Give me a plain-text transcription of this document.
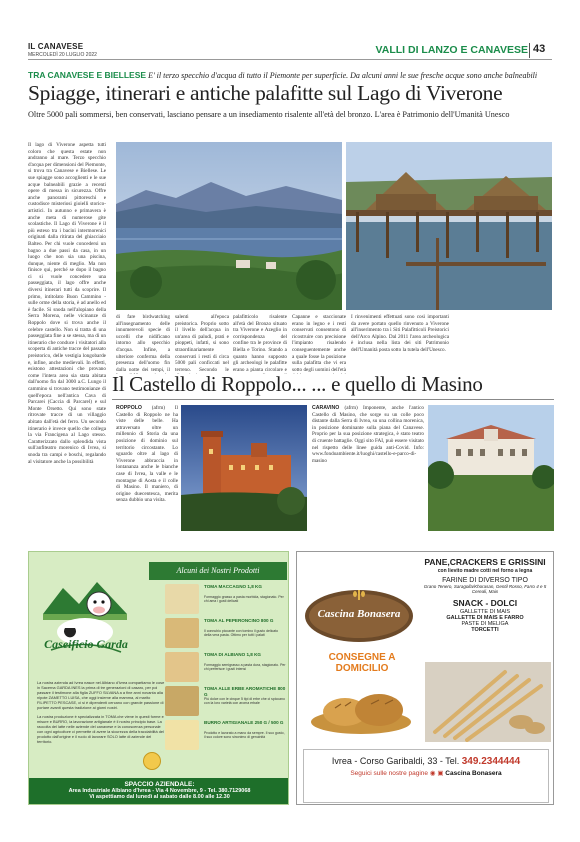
IL CANAVESE
MERCOLEDÌ 20 LUGLIO 2022	VALLI DI LANZO E CANAVESE 43
TRA CANAVESE E BIELLESE E' il terzo specchio d'acqua di tutto il Piemonte per superficie. Da alcuni anni le sue fresche acque sono anche balneabili
Spiagge, itinerari e antiche palafitte sul Lago di Viverone
Oltre 5000 pali sommersi, ben conservati, lasciano pensare a un insediamento risalente all'età del bronzo. L'area è Patrimonio dell'Umanità Unesco
Il lago di Viverone aspetta tutti coloro che questa estate non andranno al mare. Terzo specchio d'acqua per dimensioni del Piemonte, si trova tra Canavese e Biellese. Le sue spiagge sono accoglienti e le sue acque balneabili grazie a recenti opere di messa in sicurezza. Offre anche panorami pittoreschi e custodisce misteriosi gioielli storico-artistici. In autunno e primavera è anche meta di numerose gite scolastiche. Il Lago di Viverone è il più esteso tra i bacini intermorenici originati dalla ritirata del ghiacciaio Balteo. Per chi vuole concedersi un bagno a due passi da casa, in un luogo che non sia una piscina, dunque, niente di meglio. Ma non finisce qui, perché se dopo il bagno ci si vuole concedere una passeggiata, il lago offre anche diversi itinerari tutti da scoprire. Il primo, intitolato Buon Cammino - sulle orme della storia, è ad anello ed è facile. Si snoda nell'alopiano della Serra Morena, nelle vicinanze di Roppolo dove si trova anche il celebre castello. Non si tratta di una passeggiata fine a se stessa, ma di un itinerario che conduce i visitatori alla scoperta di antiche tracce del passato preistorico, delle vestigia longobarde e, infine, anche medievali. In effetti, esistono attestazioni che provano come l'intera area sia stata abitata dall'uomo fin dal 3000 a.C. Lungo il cammino si trovano testimonianze di quell'epoca nell'antica Cava di Parcarei (Caccia di Parcarel) e sul Monte Orsetto. Qui sono state ritrovate tracce di un villaggio abitato dall'età del ferro. Un secondo itinerario è invece quello che collega la via Francigena al Lago stesso. Caratterizzato dallo splendida vista sull'anfiteatro morenico di Ivrea, si snoda tra campi e boschi, regalando al visitatore anche la possibilità
di fare birdwatching all'insegnamento delle innumerevoli specie di uccelli che nidificano intorno allo specchio d'acqua. Infine, a ulteriore conferma della presenza dell'uomo fin dalla notte dei tempi, il
salenti all'epoca preistorica. Proprio sotto il livello dell'acqua in un'area di paludi, prati e pioppeti, infatti, si sono straordinariamente conservati i resti di circa 5000 pali conficcati nel terreno. Secondo le
palafitticolo risalente all'età del Bronzo situato tra Viverone e Azeglio in corrispondenza del confine tra le province di Biella e Torino. Stando a quanto hanno supposto gli archeologi le palafitte erano a pianta circolare e
Capanne e staccionate erano in legno e i resti conservati consentono di ricostruire con precisione l'impianto risalendo conseguentemente anche a quale fosse la posizione sulla palafitta che vi era sotto degli uomini dell'età
I rinvenimenti effettuati sono così importanti da avere portato quello rinvenuto a Viverone all'inserimento tra i Siti Palafitticoli Preistorici dell'Arco Alpino. Dal 2011 l'area archeologica è inclusa nella lista dei siti Patrimonio dell'Umanità posta sotto la tutela dell'Unesco.
Il Castello di Roppolo... ... e quello di Masino
ROPPOLO (afrm) Il Castello di Roppolo ne ha viste delle belle. Ha attraversato oltre un millennio di Storia da una posizione di dominio sul territorio circostante. Lo sguardo oltre al lago di Viverone abbraccia in lontananza anche le bianche case di Ivrea, la valle e le montagne di Aosta e il colle di Masino. Il maniero, di origine duecentesca, merita senza dubbio una visita.
CARAVINO (afrm) Imponente, anche l'antico Castello di Masino, che sorge su un colle poco distante dalla Serra di Ivrea, su una collina morenica, in posizione dominante sulla piana del Canavese. Proprio per la sua posizione strategica, è stato teatro di cruente battaglie. Oggi sito FAI, può essere visitato nel rispetto delle linee guida anti-Covid. Info: www.fondoambiente.it/luoghi/castello-e-parco-di-masino
Caseificio Garda
Alcuni dei Nostri Prodotti

La nostra azienda ad Ivrea nasce nel Albiano d'Ivrea compartiamo le cose in Sacerna GARDA INES la prima di tre generazioni di casaro, per poi passare il testimone alla figlia ZUFFO SILVANA a a fine anni novanta alla nipote ZAMETTO LUISA, che oggi insieme alla mamma, al marito FILIPETTO PESCASE, ci si è dipendenti cercano con grande passione di portare avanti questa tradizione ai giorni nostri.

La nostra produzione è specializzata in TOMA che viene in questi forme e misure e BURRO, la lavorazione artigianale è il nostro principio base. La raccolta del latte nelle aziende del canavese e la conoscenza personale con ogni agricoltore ci permette di avere la sicurezza della tracciabilità del prodotto dall'origine e il ruolo di lavorare SOLO latte di aziende del territorio.

TOMA MACCAGNO 1,8 KG
Formaggio grasso a pasta morbida, stagionato. Per chi ama i gusti delicati
TOMA AL PEPERONCINO 800 G
Il connubio piccante con tomino il gusto delicato della vera pasta. Ottimo per tutti i palati
TOMA DI ALBIANO 1,8 KG
Formaggio semigrasso a pasta dura, stagionato. Per chi preferisce i gusti intensi
TOMA ALLE ERBE AROMATICHE 800 G
Più dolce con le cinque 5 tipi di erbe che ci spiccano con la loro varietà con aroma erbale
BURRO ARTIGIANALE 250 G / 500 G
Prodotto e lavorato a mano da sempre. Il suo gusto, il suo colore sono sinonimo di genuinità
SPACCIO AZIENDALE:
Area Industriale Albiano d'Ivrea - Via 4 Novembre, 9 - Tel. 380.7129068
Vi aspettiamo dal lunedì al sabato dalle 8.00 alle 12.30
Cascina Bonasera
PANE,CRACKERS E GRISSINI
con lievito madre cotti nel forno a legna
FARINE DI DIVERSO TIPO
Grano Tenero, Saragolla/Khorasan, Gentil Rosso, Farro 4 e 5 Cereali, Mais
SNACK - DOLCI
GALLETTE DI MAIS
GALLETTE DI MAIS E FARRO
PASTE DI MELIGA
TORCETTI
CONSEGNE A DOMICILIO
Ivrea - Corso Garibaldi, 33 - Tel. 349.2344444
Seguici sulle nostre pagine ◉ ▣ Cascina Bonasera
